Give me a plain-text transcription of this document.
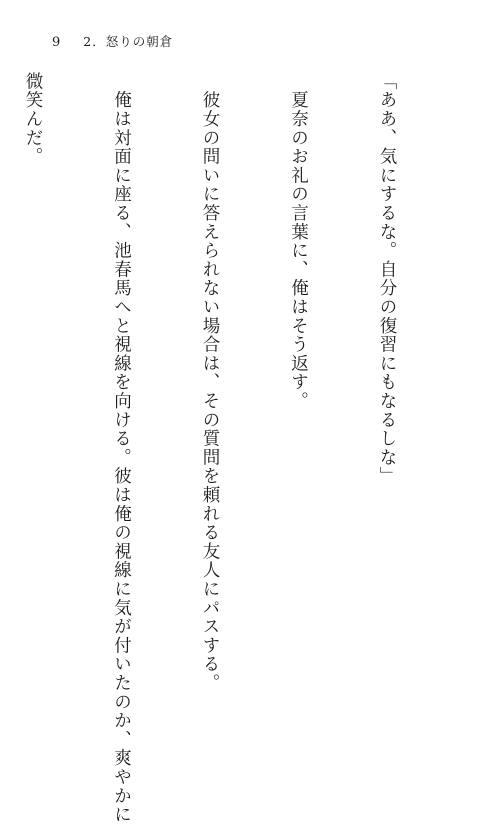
9 2．怒りの朝倉

「ああ、気にするな。自分の復習にもなるしな」

　夏奈のお礼の言葉に、俺はそう返す。

　彼女の問いに答えられない場合は、その質問を頼れる友人にパスする。

　俺は対面に座る、池春馬へと視線を向ける。彼は俺の視線に気が付いたのか、爽やかに

微笑んだ。
